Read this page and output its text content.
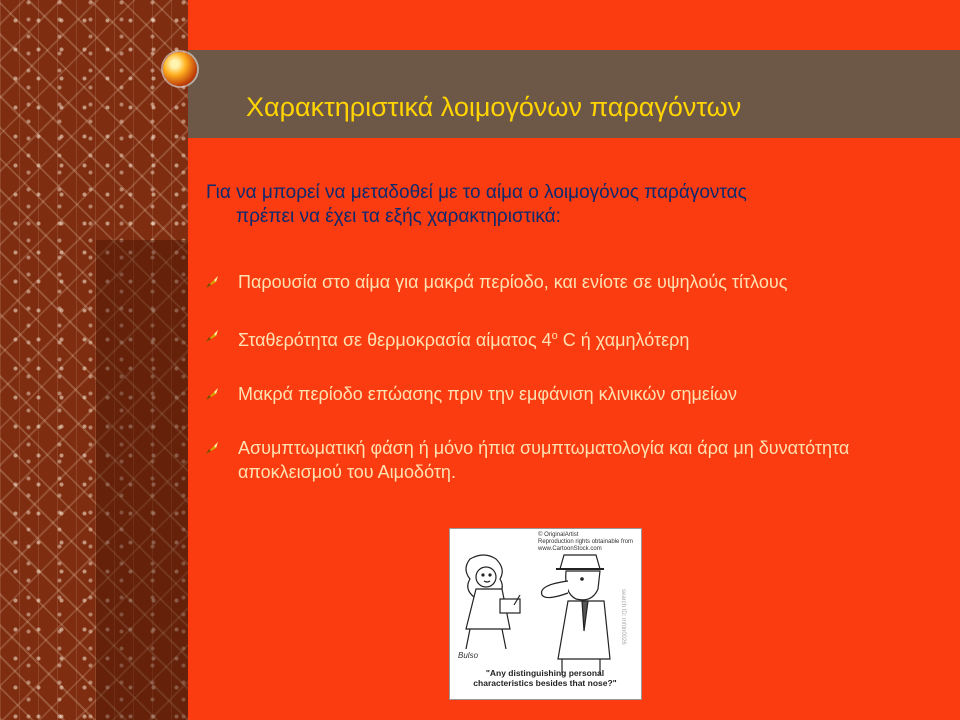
Χαρακτηριστικά λοιμογόνων παραγόντων

Για να μπορεί να μεταδοθεί με το αίμα ο λοιμογόνος παράγοντας
πρέπει να έχει τα εξής χαρακτηριστικά:

Παρουσία στο αίμα για μακρά περίοδο, και ενίοτε σε υψηλούς τίτλους
Σταθερότητα σε θερμοκρασία αίματος $4^o$ C ή χαμηλότερη
Μακρά περίοδο επώασης πριν την εμφάνιση κλινικών σημείων
Ασυμπτωματική φάση ή μόνο ήπια συμπτωματολογία και άρα μη δυνατότητα αποκλεισμού του Αιμοδότη.
© OriginalArtist
Reproduction rights obtainable from
www.CartoonStock.com
Bulso
search ID: mfdn0026
"Any distinguishing personal
characteristics besides that nose?"
